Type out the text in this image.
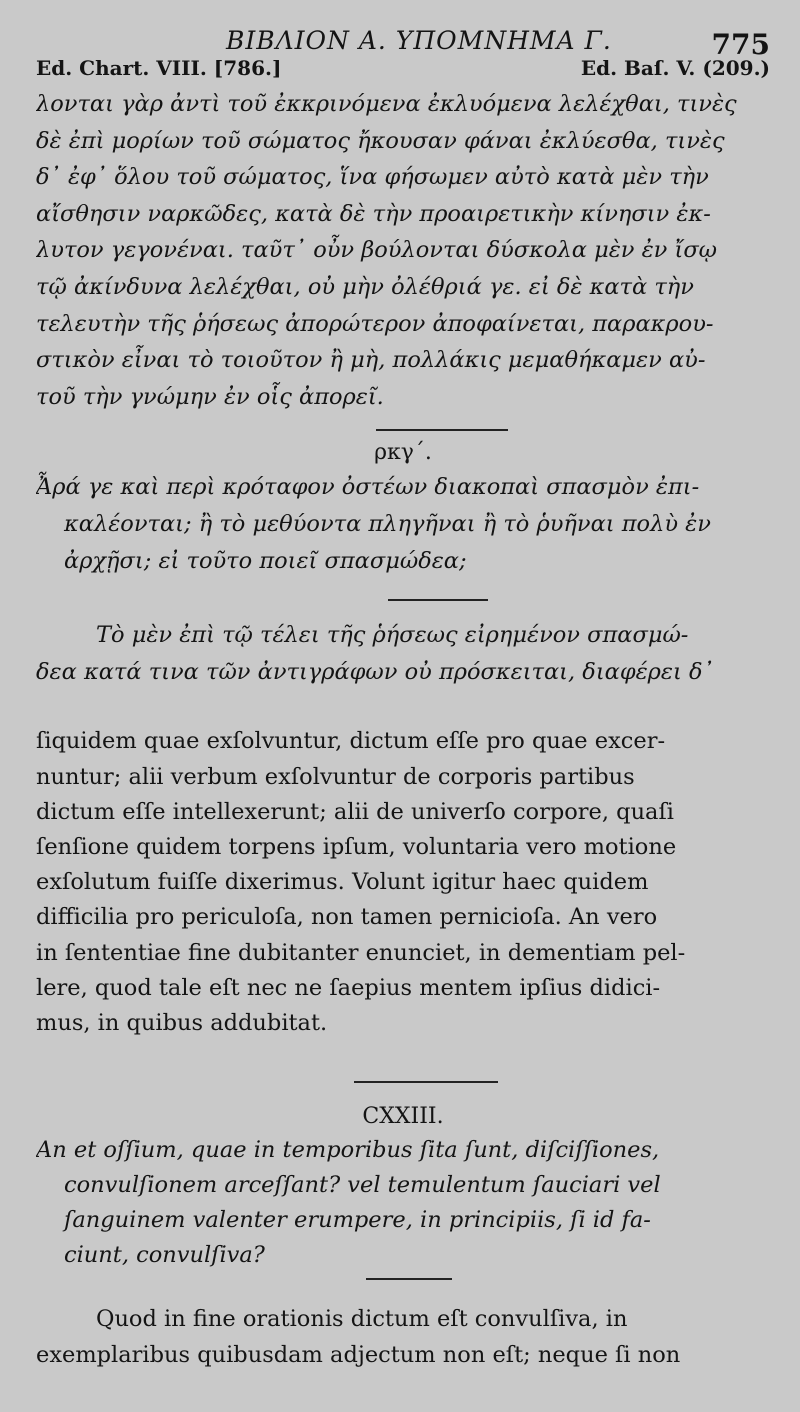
ΒΙΒΛΙΟΝ Α. ΥΠΟΜΝΗΜΑ Γ.	775
Ed. Chart. VIII. [786.]	Ed. Baſ. V. (209.)

λονται γὰρ ἀντὶ τοῦ ἐκκρινόμενα ἐκλυόμενα λελέχθαι, τινὲς
δὲ ἐπὶ μορίων τοῦ σώματος ἤκουσαν φάναι ἐκλύεσθα, τινὲς
δ᾽ ἐφ᾽ ὅλου τοῦ σώματος, ἵνα φήσωμεν αὐτὸ κατὰ μὲν τὴν
αἴσθησιν ναρκῶδες, κατὰ δὲ τὴν προαιρετικὴν κίνησιν ἐκ-
λυτον γεγονέναι. ταῦτ᾽ οὖν βούλονται δύσκολα μὲν ἐν ἴσῳ
τῷ ἀκίνδυνα λελέχθαι, οὐ μὴν ὀλέθριά γε. εἰ δὲ κατὰ τὴν
τελευτὴν τῆς ῥήσεως ἀπορώτερον ἀποφαίνεται, παρακρου-
στικὸν εἶναι τὸ τοιοῦτον ἢ μὴ, πολλάκις μεμαθήκαμεν αὐ-
τοῦ τὴν γνώμην ἐν οἷς ἀπορεῖ.

ρκγ΄.

Ἆρά γε καὶ περὶ κρόταφον ὀστέων διακοπαὶ σπασμὸν ἐπι-
καλέονται; ἢ τὸ μεθύοντα πληγῆναι ἢ τὸ ῥυῆναι πολὺ ἐν
ἀρχῇσι; εἰ τοῦτο ποιεῖ σπασμώδεα;

Τὸ μὲν ἐπὶ τῷ τέλει τῆς ῥήσεως εἰρημένον σπασμώ-
δεα κατά τινα τῶν ἀντιγράφων οὐ πρόσκειται, διαφέρει δ᾽

ſiquidem quae exſolvuntur, dictum eſſe pro quae excer-
nuntur; alii verbum exſolvuntur de corporis partibus
dictum eſſe intellexerunt; alii de univerſo corpore, quaſi
ſenſione quidem torpens ipſum, voluntaria vero motione
exſolutum fuiſſe dixerimus. Volunt igitur haec quidem
difficilia pro periculoſa, non tamen pernicioſa. An vero
in ſententiae fine dubitanter enunciet, in dementiam pel-
lere, quod tale eſt nec ne ſaepius mentem ipſius didici-
mus, in quibus addubitat.

CXXIII.

An et oſſium, quae in temporibus ſita ſunt, diſciſſiones,
convulſionem arceſſant? vel temulentum ſauciari vel
ſanguinem valenter erumpere, in principiis, ſi id fa-
ciunt, convulſiva?

Quod in fine orationis dictum eſt convulſiva, in
exemplaribus quibusdam adjectum non eſt; neque ſi non
